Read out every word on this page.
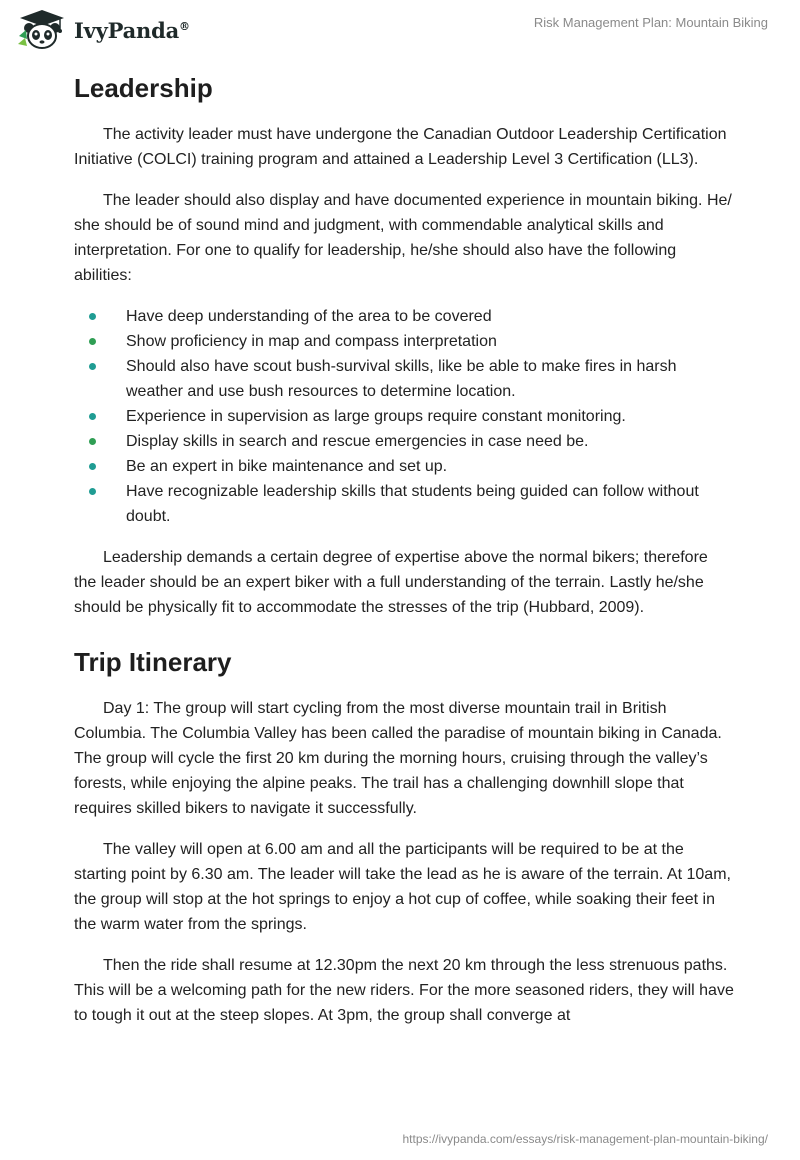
IvyPanda®	Risk Management Plan: Mountain Biking
Leadership

The activity leader must have undergone the Canadian Outdoor Leadership Certification Initiative (COLCI) training program and attained a Leadership Level 3 Certification (LL3).

The leader should also display and have documented experience in mountain biking. He/ she should be of sound mind and judgment, with commendable analytical skills and interpretation. For one to qualify for leadership, he/she should also have the following abilities:

Have deep understanding of the area to be covered
Show proficiency in map and compass interpretation
Should also have scout bush-survival skills, like be able to make fires in harsh weather and use bush resources to determine location.
Experience in supervision as large groups require constant monitoring.
Display skills in search and rescue emergencies in case need be.
Be an expert in bike maintenance and set up.
Have recognizable leadership skills that students being guided can follow without doubt.

Leadership demands a certain degree of expertise above the normal bikers; therefore the leader should be an expert biker with a full understanding of the terrain. Lastly he/she should be physically fit to accommodate the stresses of the trip (Hubbard, 2009).

Trip Itinerary

Day 1: The group will start cycling from the most diverse mountain trail in British Columbia. The Columbia Valley has been called the paradise of mountain biking in Canada. The group will cycle the first 20 km during the morning hours, cruising through the valley’s forests, while enjoying the alpine peaks. The trail has a challenging downhill slope that requires skilled bikers to navigate it successfully.

The valley will open at 6.00 am and all the participants will be required to be at the starting point by 6.30 am. The leader will take the lead as he is aware of the terrain. At 10am, the group will stop at the hot springs to enjoy a hot cup of coffee, while soaking their feet in the warm water from the springs.

Then the ride shall resume at 12.30pm the next 20 km through the less strenuous paths. This will be a welcoming path for the new riders. For the more seasoned riders, they will have to tough it out at the steep slopes. At 3pm, the group shall converge at

https://ivypanda.com/essays/risk-management-plan-mountain-biking/
